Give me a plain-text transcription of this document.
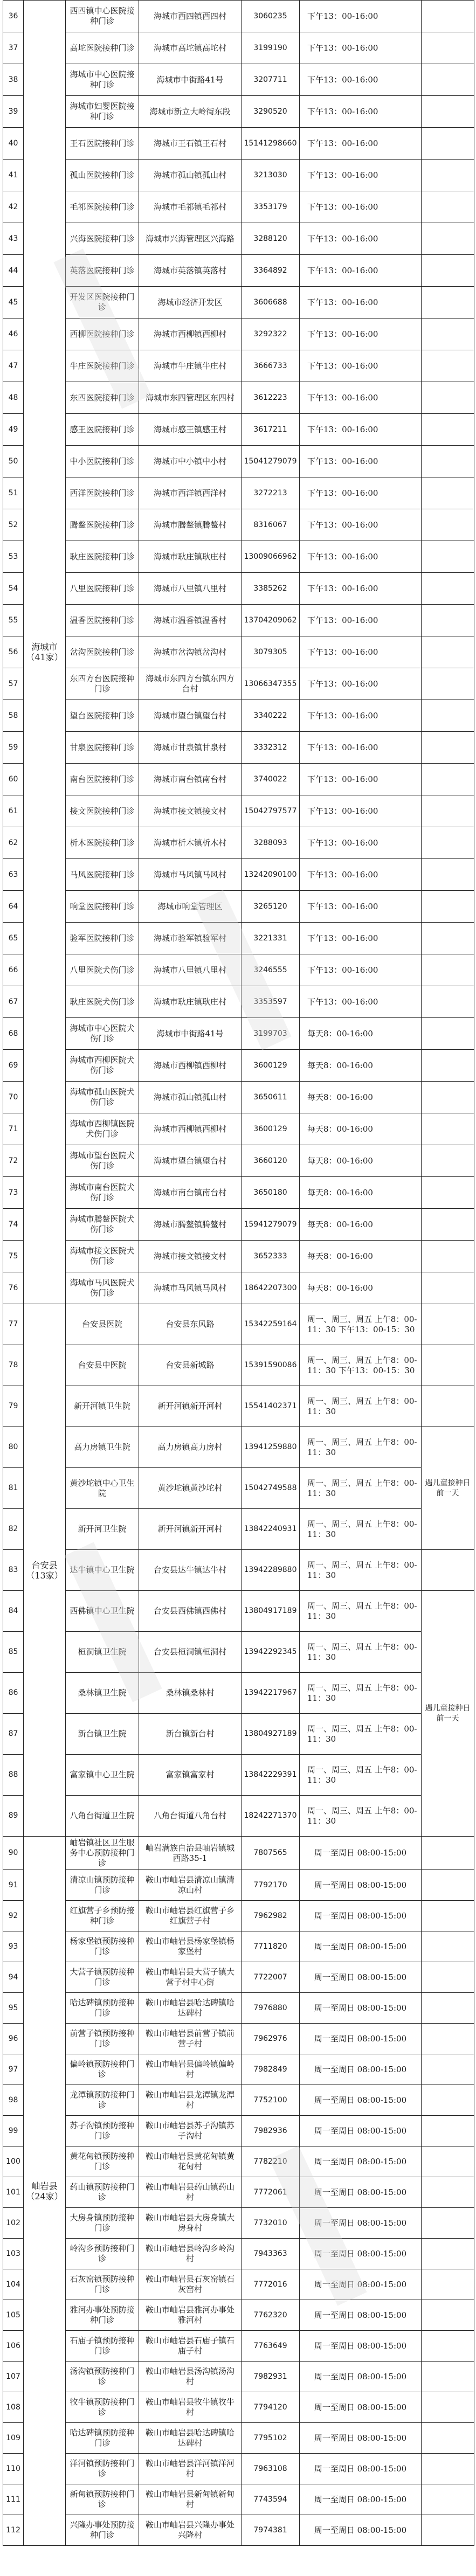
36	海城市（41家）	西四镇中心医院接种门诊	海城市西四镇西四村	3060235	下午13：00-16:00	
37		高坨医院接种门诊	海城市高坨镇高坨村	3199190	下午13：00-16:00	
38		海城市中心医院接种门诊	海城市中街路41号	3207711	下午13：00-16:00	
39		海城市妇婴医院接种门诊	海城市新立大岭街东段	3290520	下午13：00-16:00	
40		王石医院接种门诊	海城市王石镇王石村	15141298660	下午13：00-16:00	
41		孤山医院接种门诊	海城市孤山镇孤山村	3213030	下午13：00-16:00	
42		毛祁医院接种门诊	海城市毛祁镇毛祁村	3353179	下午13：00-16:00	
43		兴海医院接种门诊	海城市兴海管理区兴海路	3288120	下午13：00-16:00	
44		英落医院接种门诊	海城市英落镇英落村	3364892	下午13：00-16:00	
45		开发区医院接种门诊	海城市经济开发区	3606688	下午13：00-16:00	
46		西柳医院接种门诊	海城市西柳镇西柳村	3292322	下午13：00-16:00	
47		牛庄医院接种门诊	海城市牛庄镇牛庄村	3666733	下午13：00-16:00	
48		东四医院接种门诊	海城市东四管理区东四村	3612223	下午13：00-16:00	
49		感王医院接种门诊	海城市感王镇感王村	3617211	下午13：00-16:00	
50		中小医院接种门诊	海城市中小镇中小村	15041279079	下午13：00-16:00	
51		西洋医院接种门诊	海城市西洋镇西洋村	3272213	下午13：00-16:00	
52		腾鳌医院接种门诊	海城市腾鳌镇腾鳌村	8316067	下午13：00-16:00	
53		耿庄医院接种门诊	海城市耿庄镇耿庄村	13009066962	下午13：00-16:00	
54		八里医院接种门诊	海城市八里镇八里村	3385262	下午13：00-16:00	
55		温香医院接种门诊	海城市温香镇温香村	13704209062	下午13：00-16:00	
56		岔沟医院接种门诊	海城市岔沟镇岔沟村	3079305	下午13：00-16:00	
57		东四方台医院接种门诊	海城市东四方台镇东四方台村	13066347355	下午13：00-16:00	
58		望台医院接种门诊	海城市望台镇望台村	3340222	下午13：00-16:00	
59		甘泉医院接种门诊	海城市甘泉镇甘泉村	3332312	下午13：00-16:00	
60		南台医院接种门诊	海城市南台镇南台村	3740022	下午13：00-16:00	
61		接文医院接种门诊	海城市接文镇接文村	15042797577	下午13：00-16:00	
62		析木医院接种门诊	海城市析木镇析木村	3288093	下午13：00-16:00	
63		马风医院接种门诊	海城市马风镇马风村	13242090100	下午13：00-16:00	
64		响堂医院接种门诊	海城市响堂管理区	3265120	下午13：00-16:00	
65		验军医院接种门诊	海城市验军镇验军村	3221331	下午13：00-16:00	
66		八里医院犬伤门诊	海城市八里镇八里村	3246555	下午13：00-16:00	
67		耿庄医院犬伤门诊	海城市耿庄镇耿庄村	3353597	下午13：00-16:00	
68		海城市中心医院犬伤门诊	海城市中街路41号	3199703	每天8：00-16:00	
69		海城市西柳医院犬伤门诊	海城市西柳镇西柳村	3600129	每天8：00-16:00	
70		海城市孤山医院犬伤门诊	海城市孤山镇孤山村	3650611	每天8：00-16:00	
71		海城市西柳镇医院犬伤门诊	海城市西柳镇西柳村	3600129	每天8：00-16:00	
72		海城市望台医院犬伤门诊	海城市望台镇望台村	3660120	每天8：00-16:00	
73		海城市南台医院犬伤门诊	海城市南台镇南台村	3650180	每天8：00-16:00	
74		海城市腾鳌医院犬伤门诊	海城市腾鳌镇腾鳌村	15941279079	每天8：00-16:00	
75		海城市接文医院犬伤门诊	海城市接文镇接文村	3652333	每天8：00-16:00	
76		海城市马风医院犬伤门诊	海城市马风镇马风村	18642207300	每天8：00-16:00	
77	台安县（13家）	台安县医院	台安县东风路	15342259164	周一、周三、周五 上午8：00-11：30 下午13：00-15：30	
78		台安县中医院	台安县新城路	15391590086	周一、周三、周五 上午8：00-11：30 下午13：00-15：30	
79		新开河镇卫生院	新开河镇新开河村	15541402371	周一、周三、周五 上午8：00-11：30	
80		高力房镇卫生院	高力房镇高力房村	13941259880	周一、周三、周五 上午8：00-11：30	遇儿童接种日前一天
81		黄沙坨镇中心卫生院	黄沙坨镇黄沙坨村	15042749588	周一、周三、周五 上午8：00-11：30	
82		新开河卫生院	新开河镇新开河村	13842240931	周一、周三、周五 上午8：00-11：30	
83		达牛镇中心卫生院	台安县达牛镇达牛村	13942289880	周一、周三、周五 上午8：00-11：30	
84		西佛镇中心卫生院	台安县西佛镇西佛村	13804917189	周一、周三、周五 上午8：00-11：30	遇儿童接种日前一天
85		桓洞镇卫生院	台安县桓洞镇桓洞村	13942292345	周一、周三、周五 上午8：00-11：30	
86		桑林镇卫生院	桑林镇桑林村	13942217967	周一、周三、周五 上午8：00-11：30	
87		新台镇卫生院	新台镇新台村	13804927189	周一、周三、周五 上午8：00-11：30	
88		富家镇中心卫生院	富家镇富家村	13842229391	周一、周三、周五 上午8：00-11：30	
89		八角台街道卫生院	八角台街道八角台村	18242271370	周一、周三、周五 上午8：00-11：30	
90	岫岩县（24家）	岫岩镇社区卫生服务中心预防接种门诊	岫岩满族自治县岫岩镇城西路35-1	7807565	周一至周日 08:00-15:00	
91		清凉山镇预防接种门诊	鞍山市岫岩县清凉山镇清凉山村	7792170	周一至周日 08:00-15:00	
92		红旗营子乡预防接种门诊	鞍山市岫岩县红旗营子乡红旗营子村	7962982	周一至周日 08:00-15:00	
93		杨家堡镇预防接种门诊	鞍山市岫岩县杨家堡镇杨家堡村	7711820	周一至周日 08:00-15:00	
94		大营子镇预防接种门诊	鞍山市岫岩县大营子镇大营子村中心街	7722007	周一至周日 08:00-15:00	
95		哈达碑镇预防接种门诊	鞍山市岫岩县哈达碑镇哈达碑村	7976880	周一至周日 08:00-15:00	
96		前营子镇预防接种门诊	鞍山市岫岩县前营子镇前营子村	7962976	周一至周日 08:00-15:00	
97		偏岭镇预防接种门诊	鞍山市岫岩县偏岭镇偏岭村	7982849	周一至周日 08:00-15:00	
98		龙潭镇预防接种门诊	鞍山市岫岩县龙潭镇龙潭村	7752100	周一至周日 08:00-15:00	
99		苏子沟镇预防接种门诊	鞍山市岫岩县苏子沟镇苏子沟村	7982936	周一至周日 08:00-15:00	
100		黄花甸镇预防接种门诊	鞍山市岫岩县黄花甸镇黄花甸村	7782210	周一至周日 08:00-15:00	
101		药山镇预防接种门诊	鞍山市岫岩县药山镇药山村	7772061	周一至周日 08:00-15:00	
102		大房身镇预防接种门诊	鞍山市岫岩县大房身镇大房身村	7732010	周一至周日 08:00-15:00	
103		岭沟乡预防接种门诊	鞍山市岫岩县岭沟乡岭沟村	7943363	周一至周日 08:00-15:00	
104		石灰窑镇预防接种门诊	鞍山市岫岩县石灰窑镇石灰窑村	7772016	周一至周日 08:00-15:00	
105		雅河办事处预防接种门诊	鞍山市岫岩县雅河办事处雅河村	7762320	周一至周日 08:00-15:00	
106		石庙子镇预防接种门诊	鞍山市岫岩县石庙子镇石庙子村	7763649	周一至周日 08:00-15:00	
107		汤沟镇预防接种门诊	鞍山市岫岩县汤沟镇汤沟村	7982931	周一至周日 08:00-15:00	
108		牧牛镇预防接种门诊	鞍山市岫岩县牧牛镇牧牛村	7794120	周一至周日 08:00-15:00	
109		哈达碑镇预防接种门诊	鞍山市岫岩县哈达碑镇哈达碑村	7795102	周一至周日 08:00-15:00	
110		洋河镇预防接种门诊	鞍山市岫岩县洋河镇洋河村	7963108	周一至周日 08:00-15:00	
111		新甸镇预防接种门诊	鞍山市岫岩县新甸镇新甸村	7743594	周一至周日 08:00-15:00	
112		兴隆办事处预防接种门诊	鞍山市岫岩县兴隆办事处兴隆村	7974381	周一至周日 08:00-15:00	
